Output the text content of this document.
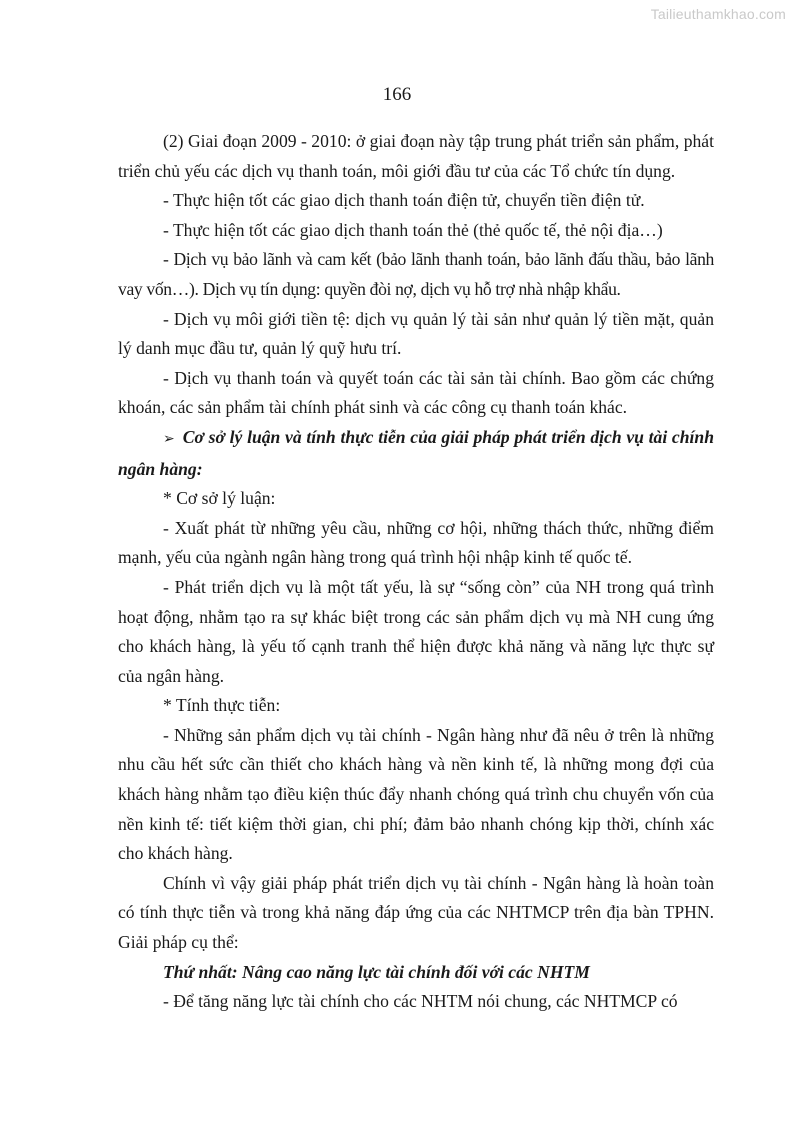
Tailieuthamkhao.com
166

(2) Giai đoạn 2009 - 2010: ở giai đoạn này tập trung phát triển sản phẩm, phát triển chủ yếu các dịch vụ thanh toán, môi giới đầu tư của các Tổ chức tín dụng.

- Thực hiện tốt các giao dịch thanh toán điện tử, chuyển tiền điện tử.

- Thực hiện tốt các giao dịch thanh toán thẻ (thẻ quốc tế, thẻ nội địa…)

- Dịch vụ bảo lãnh và cam kết (bảo lãnh thanh toán, bảo lãnh đấu thầu, bảo lãnh vay vốn…). Dịch vụ tín dụng: quyền đòi nợ, dịch vụ hỗ trợ nhà nhập khẩu.

- Dịch vụ môi giới tiền tệ: dịch vụ quản lý tài sản như quản lý tiền mặt, quản lý danh mục đầu tư, quản lý quỹ hưu trí.

- Dịch vụ thanh toán và quyết toán các tài sản tài chính. Bao gồm các chứng khoán, các sản phẩm tài chính phát sinh và các công cụ thanh toán khác.

➢ Cơ sở lý luận và tính thực tiễn của giải pháp phát triển dịch vụ tài chính ngân hàng:

* Cơ sở lý luận:

- Xuất phát từ những yêu cầu, những cơ hội, những thách thức, những điểm mạnh, yếu của ngành ngân hàng trong quá trình hội nhập kinh tế quốc tế.

- Phát triển dịch vụ là một tất yếu, là sự “sống còn” của NH trong quá trình hoạt động, nhằm tạo ra sự khác biệt trong các sản phẩm dịch vụ mà NH cung ứng cho khách hàng, là yếu tố cạnh tranh thể hiện được khả năng và năng lực thực sự của ngân hàng.

* Tính thực tiễn:

- Những sản phẩm dịch vụ tài chính - Ngân hàng như đã nêu ở trên là những nhu cầu hết sức cần thiết cho khách hàng và nền kinh tế, là những mong đợi của khách hàng nhằm tạo điều kiện thúc đẩy nhanh chóng quá trình chu chuyển vốn của nền kinh tế: tiết kiệm thời gian, chi phí; đảm bảo nhanh chóng kịp thời, chính xác cho khách hàng.

Chính vì vậy giải pháp phát triển dịch vụ tài chính - Ngân hàng là hoàn toàn có tính thực tiễn và trong khả năng đáp ứng của các NHTMCP trên địa bàn TPHN. Giải pháp cụ thể:

Thứ nhất: Nâng cao năng lực tài chính đối với các NHTM

- Để tăng năng lực tài chính cho các NHTM nói chung, các NHTMCP có
